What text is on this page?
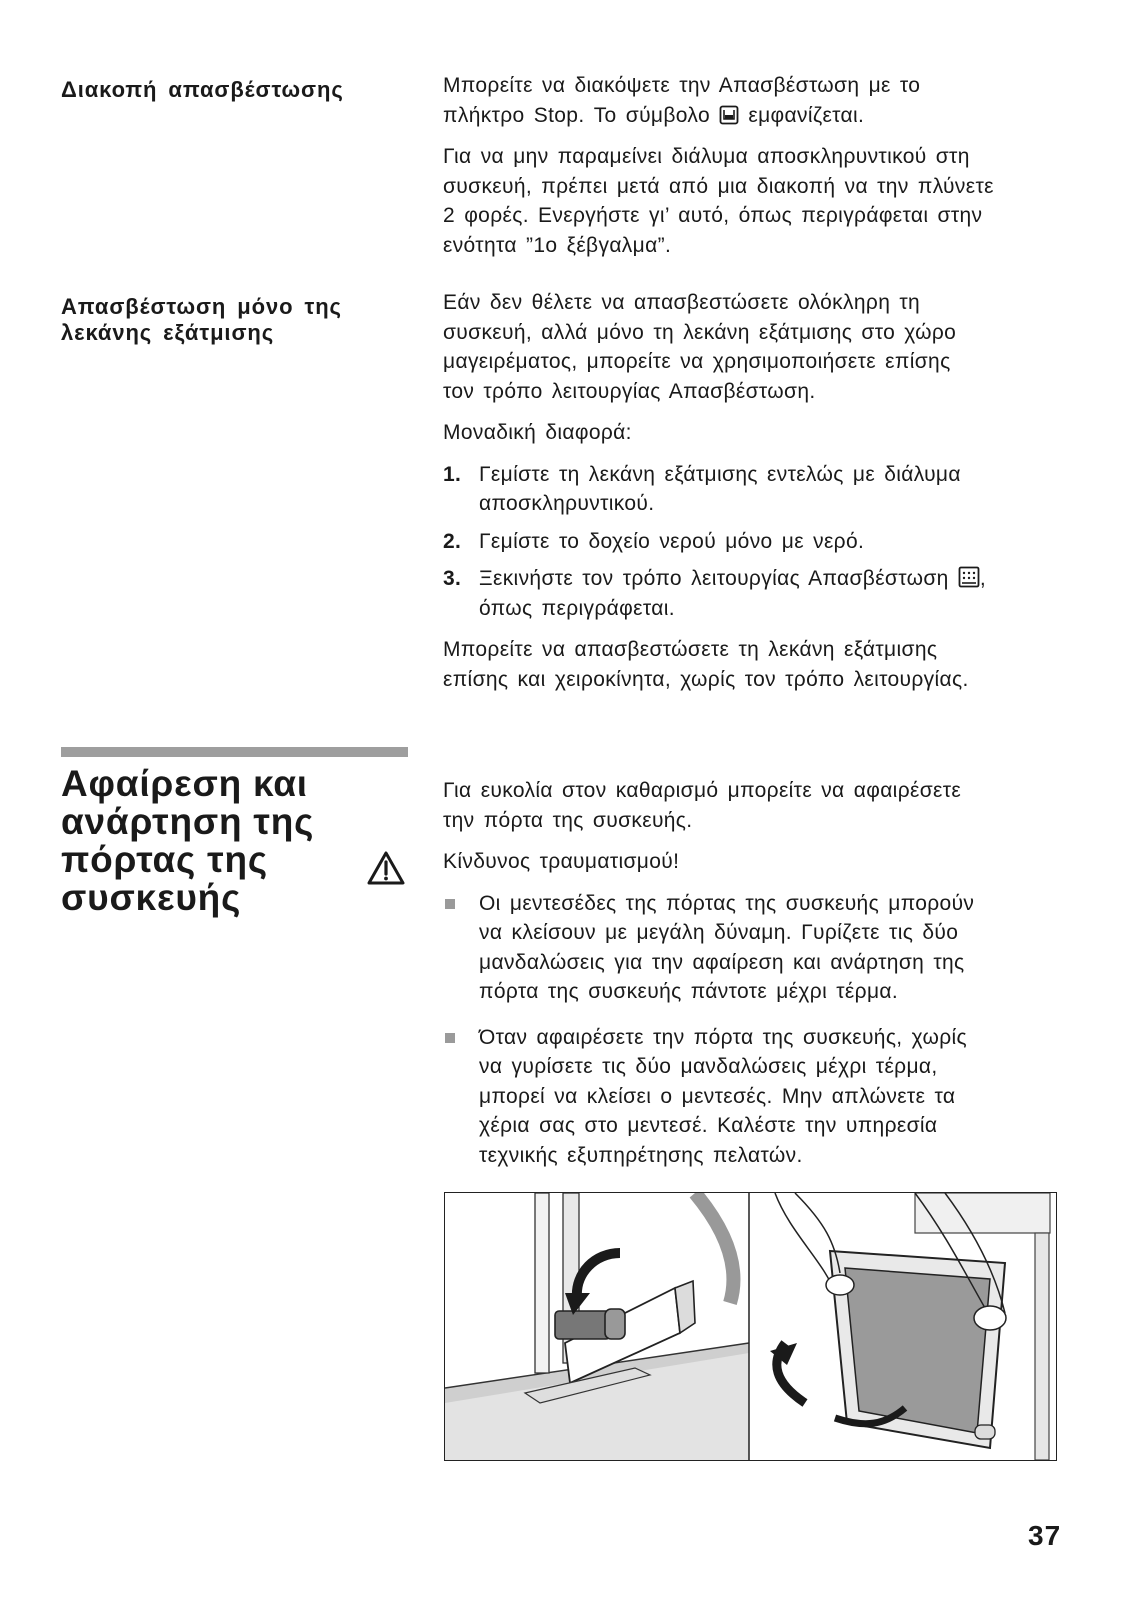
Διακοπή απασβέστωσης	Μπορείτε να διακόψετε την Απασβέστωση με το
πλήκτρο Stop. Το σύμβολο εμφανίζεται.

Για να μην παραμείνει διάλυμα αποσκληρυντικού στη
συσκευή, πρέπει μετά από μια διακοπή να την πλύνετε
2 φορές. Ενεργήστε γι’ αυτό, όπως περιγράφεται στην
ενότητα ”1ο ξέβγαλμα”.

Απασβέστωση μόνο της
λεκάνης εξάτμισης

Εάν δεν θέλετε να απασβεστώσετε ολόκληρη τη
συσκευή, αλλά μόνο τη λεκάνη εξάτμισης στο χώρο
μαγειρέματος, μπορείτε να χρησιμοποιήσετε επίσης
τον τρόπο λειτουργίας Απασβέστωση.

Μοναδική διαφορά:

1. Γεμίστε τη λεκάνη εξάτμισης εντελώς με διάλυμα
αποσκληρυντικού.
2. Γεμίστε το δοχείο νερού μόνο με νερό.
3. Ξεκινήστε τον τρόπο λειτουργίας Απασβέστωση ,
όπως περιγράφεται.

Μπορείτε να απασβεστώσετε τη λεκάνη εξάτμισης
επίσης και χειροκίνητα, χωρίς τον τρόπο λειτουργίας.

Αφαίρεση και
ανάρτηση της
πόρτας της
συσκευής

Για ευκολία στον καθαρισμό μπορείτε να αφαιρέσετε
την πόρτα της συσκευής.

Κίνδυνος τραυματισμού!

Οι μεντεσέδες της πόρτας της συσκευής μπορούν
να κλείσουν με μεγάλη δύναμη. Γυρίζετε τις δύο
μανδαλώσεις για την αφαίρεση και ανάρτηση της
πόρτα της συσκευής πάντοτε μέχρι τέρμα.
Όταν αφαιρέσετε την πόρτα της συσκευής, χωρίς
να γυρίσετε τις δύο μανδαλώσεις μέχρι τέρμα,
μπορεί να κλείσει ο μεντεσές. Μην απλώνετε τα
χέρια σας στο μεντεσέ. Καλέστε την υπηρεσία
τεχνικής εξυπηρέτησης πελατών.
37
